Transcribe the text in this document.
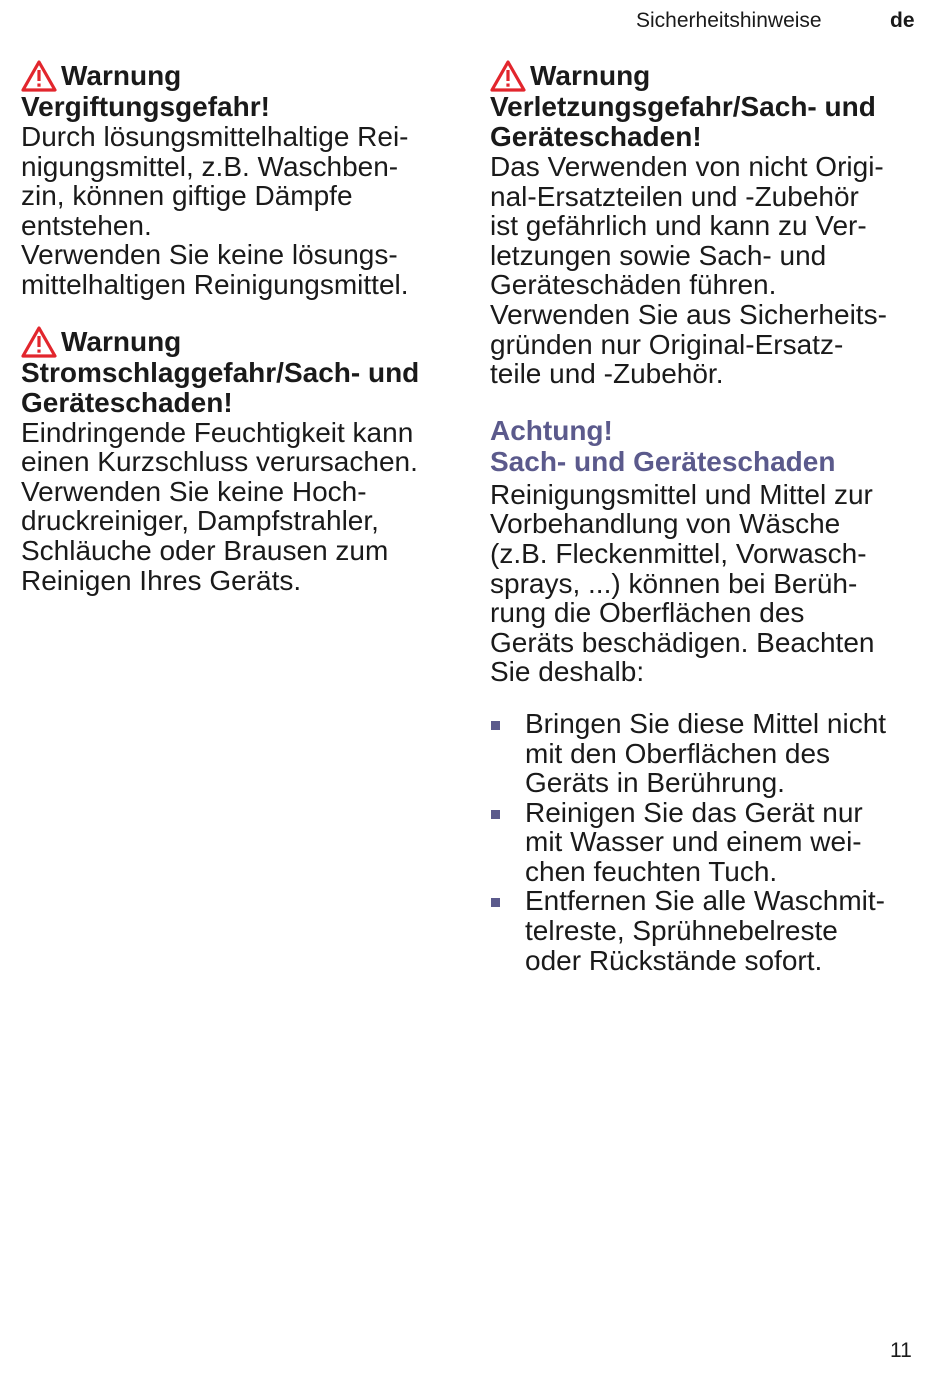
Sicherheitshinweise	de
Warnung
Vergiftungsgefahr!
Durch lösungsmittelhaltige Rei-
nigungsmittel, z.B. Waschben-
zin, können giftige Dämpfe
entstehen.
Verwenden Sie keine lösungs-
mittelhaltigen Reinigungsmittel.
Warnung
Stromschlaggefahr/Sach- und
Geräteschaden!
Eindringende Feuchtigkeit kann
einen Kurzschluss verursachen.
Verwenden Sie keine Hoch-
druckreiniger, Dampfstrahler,
Schläuche oder Brausen zum
Reinigen Ihres Geräts.
Warnung
Verletzungsgefahr/Sach- und
Geräteschaden!
Das Verwenden von nicht Origi-
nal-Ersatzteilen und -Zubehör
ist gefährlich und kann zu Ver-
letzungen sowie Sach- und
Geräteschäden führen.
Verwenden Sie aus Sicherheits-
gründen nur Original-Ersatz-
teile und -Zubehör.
Achtung!
Sach- und Geräteschaden
Reinigungsmittel und Mittel zur
Vorbehandlung von Wäsche
(z.B. Fleckenmittel, Vorwasch-
sprays, ...) können bei Berüh-
rung die Oberflächen des
Geräts beschädigen. Beachten
Sie deshalb:
Bringen Sie diese Mittel nicht
mit den Oberflächen des
Geräts in Berührung.
Reinigen Sie das Gerät nur
mit Wasser und einem wei-
chen feuchten Tuch.
Entfernen Sie alle Waschmit-
telreste, Sprühnebelreste
oder Rückstände sofort.
11
